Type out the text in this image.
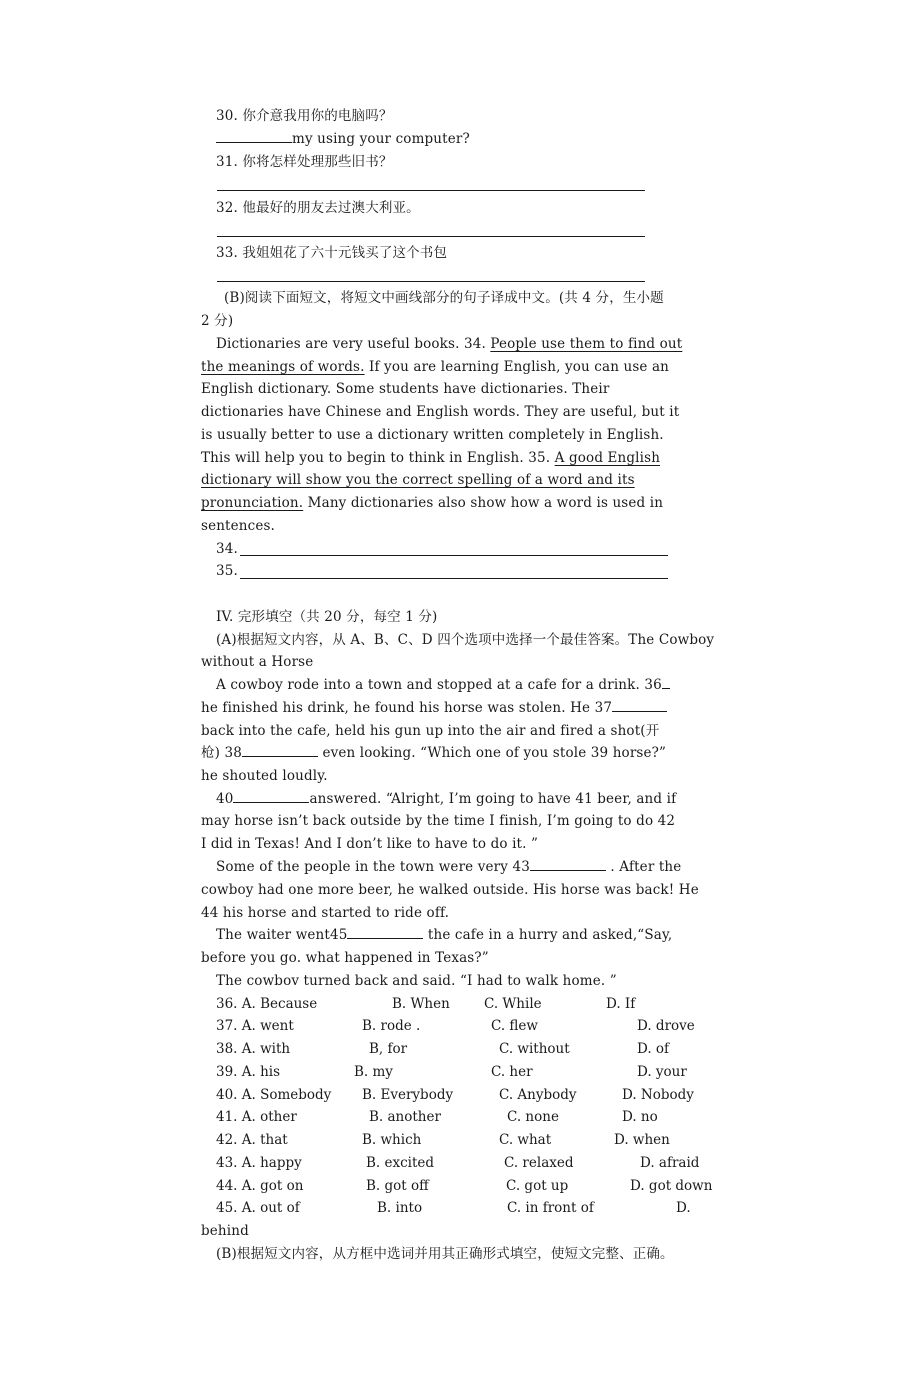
30. 你介意我用你的电脑吗？
my using your computer?
31. 你将怎样处理那些旧书？
32. 他最好的朋友去过澳大利亚。
33. 我姐姐花了六十元钱买了这个书包
(B)阅读下面短文，将短文中画线部分的句子译成中文。(共 4 分，生小题
2 分)
Dictionaries are very useful books. 34. People use them to find out
the meanings of words. If you are learning English, you can use an
English dictionary. Some students have dictionaries. Their
dictionaries have Chinese and English words. They are useful, but it
is usually better to use a dictionary written completely in English.
This will help you to begin to think in English. 35. A good English
dictionary will show you the correct spelling of a word and its
pronunciation. Many dictionaries also show how a word is used in
sentences.
34.
35.
IV. 完形填空（共 20 分，每空 1 分)
(A)根据短文内容，从 A、B、C、D 四个选项中选择一个最佳答案。The Cowboy
without a Horse
A cowboy rode into a town and stopped at a cafe for a drink. 36
he finished his drink, he found his horse was stolen. He 37
back into the cafe, held his gun up into the air and fired a shot(开
枪) 38	even looking. “Which one of you stole 39 horse?”
he shouted loudly.
40	answered. “Alright, I’m going to have 41 beer, and if
may horse isn’t back outside by the time I finish, I’m going to do 42
I did in Texas! And I don’t like to have to do it. ”
Some of the people in the town were very 43	. After the
cowboy had one more beer, he walked outside. His horse was back! He
44 his horse and started to ride off.
The waiter went45	the cafe in a hurry and asked,“Say,
before you go. what happened in Texas?”
The cowbov turned back and said. “I had to walk home. ”
36. A. Because	B. When	C. While	D. If
37. A. went	B. rode .	C. flew	D. drove
38. A. with	B, for	C. without	D. of
39. A. his	B. my	C. her	D. your
40. A. Somebody B. Everybody	C. Anybody	D. Nobody
41. A. other	B. another	C. none	D. no
42. A. that	B. which	C. what	D. when
43. A. happy	B. excited	C. relaxed	D. afraid
44. A. got on	B. got off	C. got up	D. got down
45. A. out of	B. into	C. in front of	D.
behind
(B)根据短文内容，从方框中选词并用其正确形式填空，使短文完整、正确。
